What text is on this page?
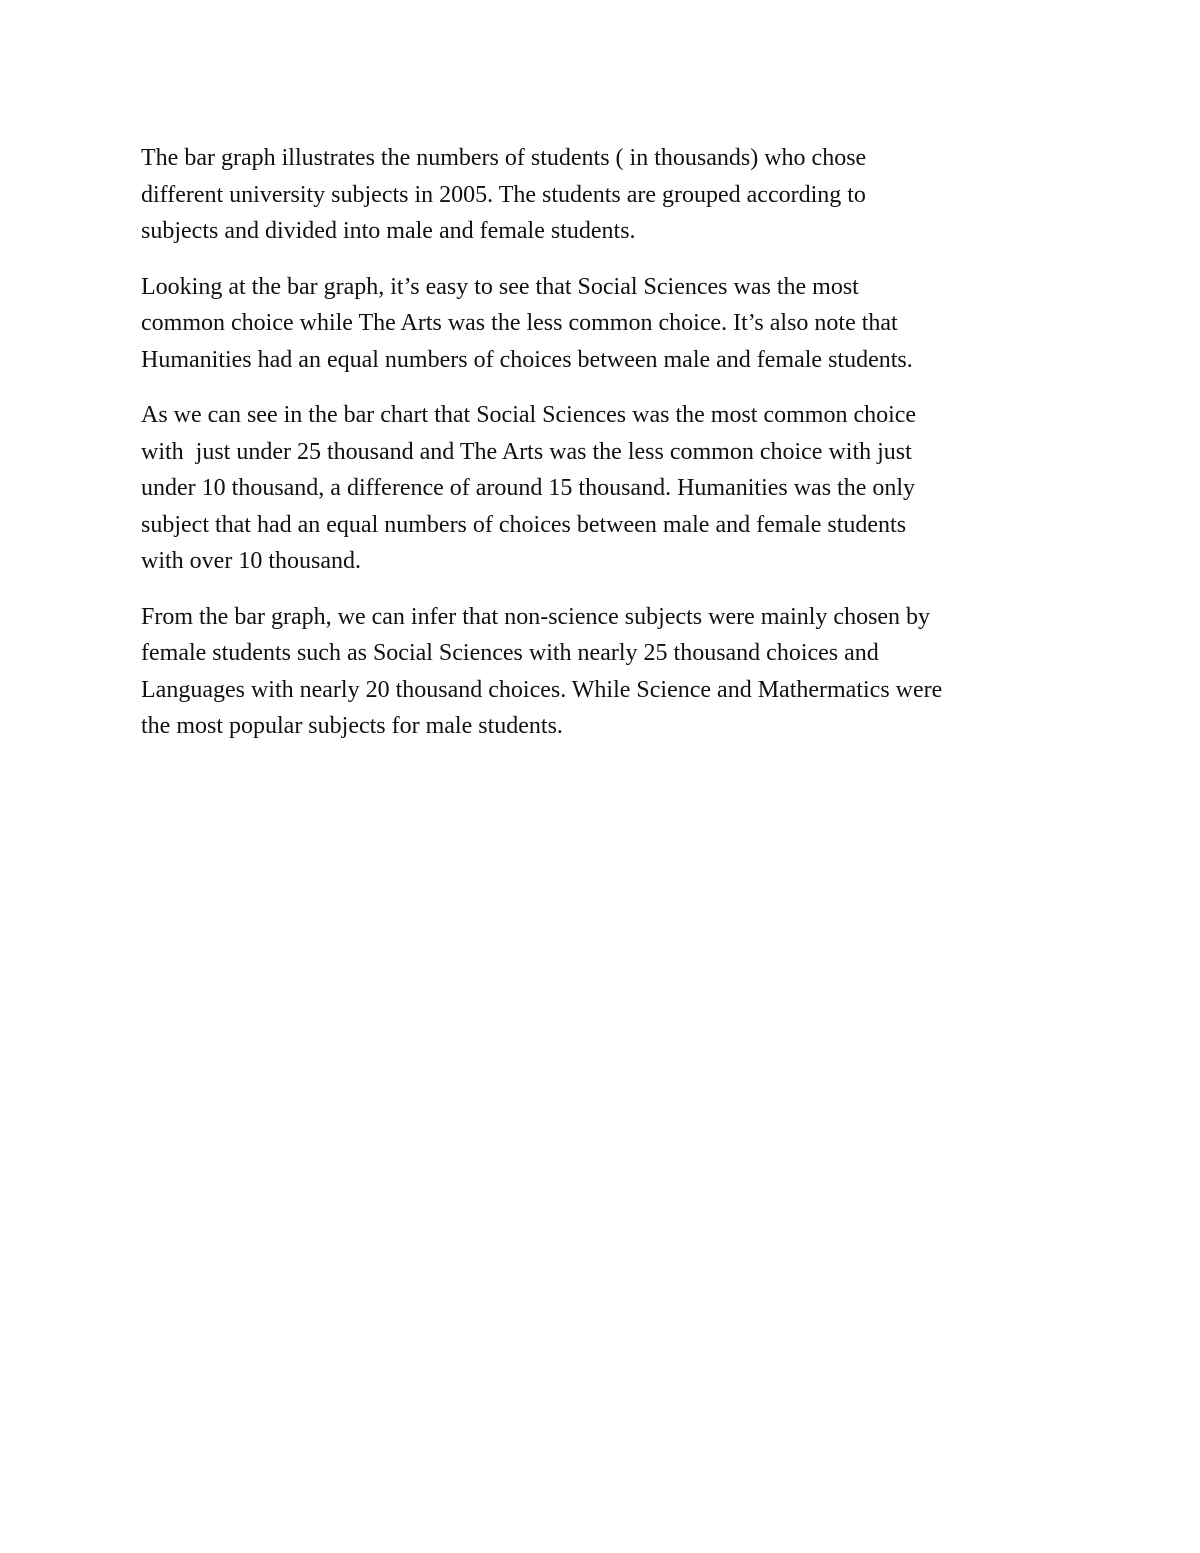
The bar graph illustrates the numbers of students ( in thousands) who chose
different university subjects in 2005. The students are grouped according to
subjects and divided into male and female students.

Looking at the bar graph, it’s easy to see that Social Sciences was the most
common choice while The Arts was the less common choice. It’s also note that
Humanities had an equal numbers of choices between male and female students.

As we can see in the bar chart that Social Sciences was the most common choice
with  just under 25 thousand and The Arts was the less common choice with just
under 10 thousand, a difference of around 15 thousand. Humanities was the only
subject that had an equal numbers of choices between male and female students
with over 10 thousand.

From the bar graph, we can infer that non-science subjects were mainly chosen by
female students such as Social Sciences with nearly 25 thousand choices and
Languages with nearly 20 thousand choices. While Science and Mathermatics were
the most popular subjects for male students.
